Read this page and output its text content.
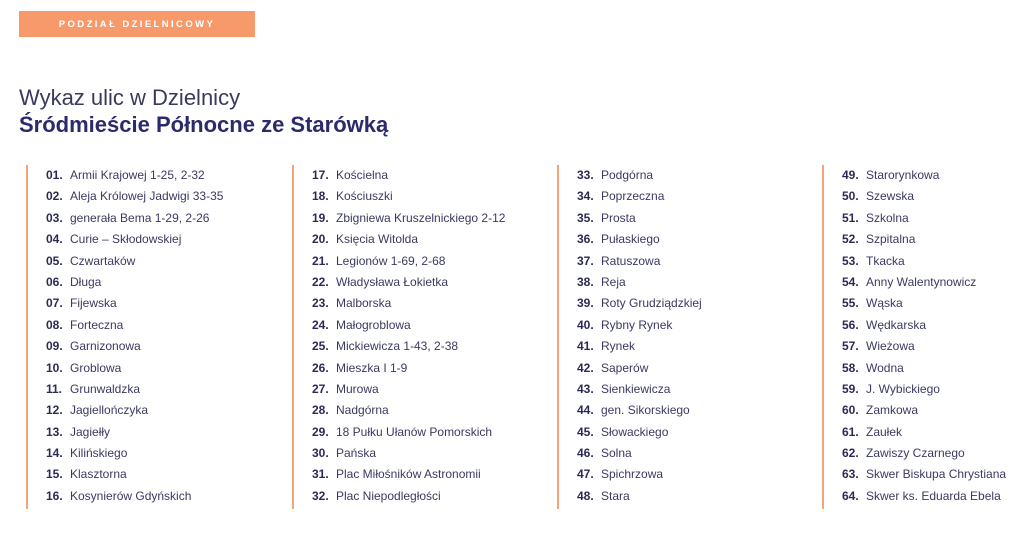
PODZIAŁ DZIELNICOWY
Wykaz ulic w Dzielnicy
Śródmieście Północne ze Starówką
01. Armii Krajowej 1-25, 2-32
02. Aleja Królowej Jadwigi 33-35
03. generała Bema 1-29, 2-26
04. Curie – Skłodowskiej
05. Czwartaków
06. Długa
07. Fijewska
08. Forteczna
09. Garnizonowa
10. Groblowa
11. Grunwaldzka
12. Jagiellończyka
13. Jagiełły
14. Kilińskiego
15. Klasztorna
16. Kosynierów Gdyńskich
17. Kościelna
18. Kościuszki
19. Zbigniewa Kruszelnickiego 2-12
20. Księcia Witolda
21. Legionów 1-69, 2-68
22. Władysława Łokietka
23. Malborska
24. Małogroblowa
25. Mickiewicza 1-43, 2-38
26. Mieszka I 1-9
27. Murowa
28. Nadgórna
29. 18 Pułku Ułanów Pomorskich
30. Pańska
31. Plac Miłośników Astronomii
32. Plac Niepodległości
33. Podgórna
34. Poprzeczna
35. Prosta
36. Pułaskiego
37. Ratuszowa
38. Reja
39. Roty Grudziądzkiej
40. Rybny Rynek
41. Rynek
42. Saperów
43. Sienkiewicza
44. gen. Sikorskiego
45. Słowackiego
46. Solna
47. Spichrzowa
48. Stara
49. Starorynkowa
50. Szewska
51. Szkolna
52. Szpitalna
53. Tkacka
54. Anny Walentynowicz
55. Wąska
56. Wędkarska
57. Wieżowa
58. Wodna
59. J. Wybickiego
60. Zamkowa
61. Zaułek
62. Zawiszy Czarnego
63. Skwer Biskupa Chrystiana
64. Skwer ks. Eduarda Ebela
